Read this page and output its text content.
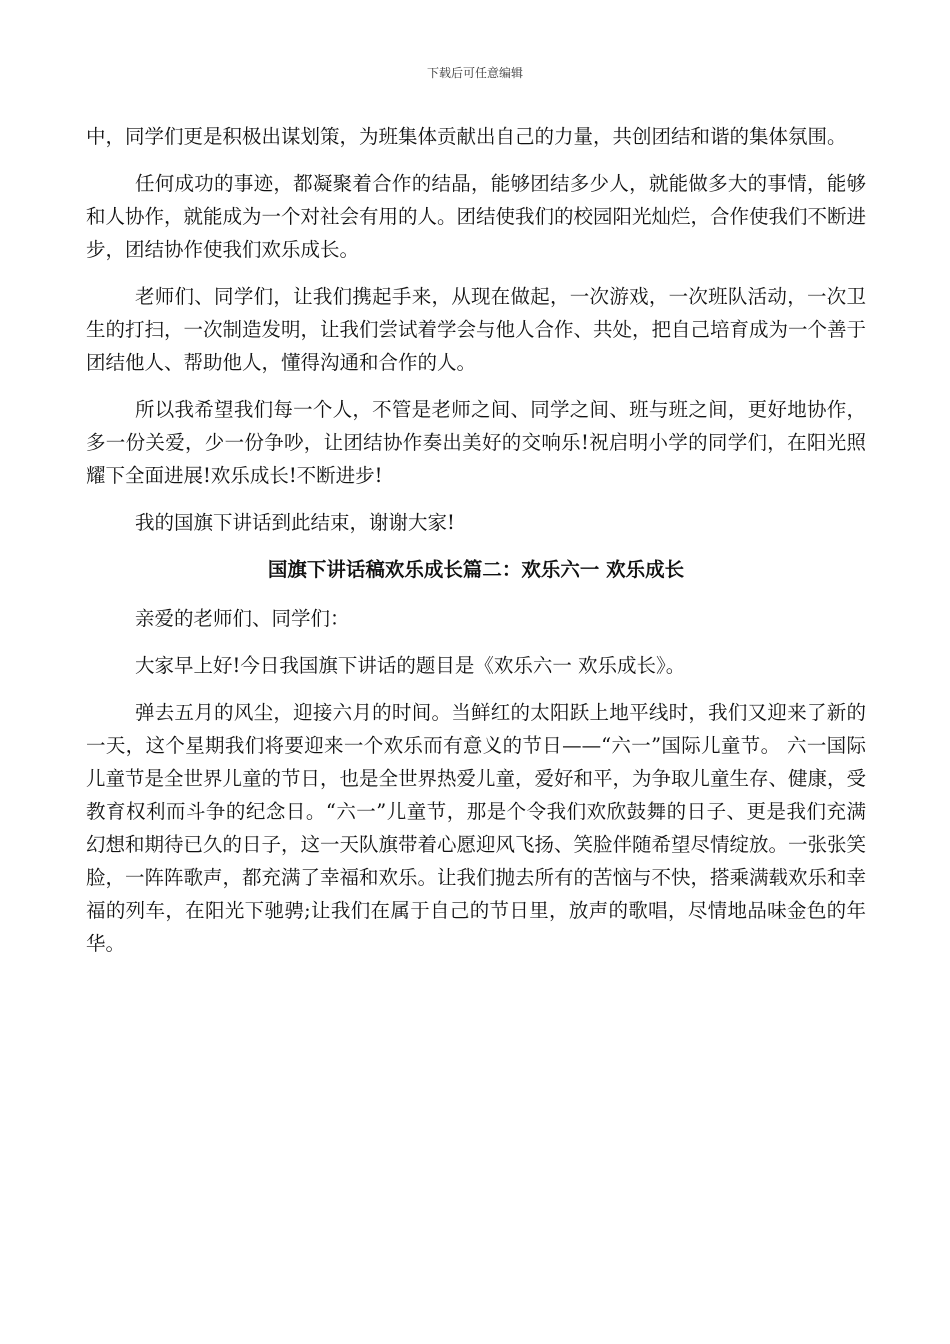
下载后可任意编辑

中，同学们更是积极出谋划策，为班集体贡献出自己的力量，共创团结和谐的集体氛围。

任何成功的事迹，都凝聚着合作的结晶，能够团结多少人，就能做多大的事情，能够和人协作，就能成为一个对社会有用的人。团结使我们的校园阳光灿烂，合作使我们不断进步，团结协作使我们欢乐成长。

老师们、同学们，让我们携起手来，从现在做起，一次游戏，一次班队活动，一次卫生的打扫，一次制造发明，让我们尝试着学会与他人合作、共处，把自己培育成为一个善于团结他人、帮助他人，懂得沟通和合作的人。

所以我希望我们每一个人，不管是老师之间、同学之间、班与班之间，更好地协作，多一份关爱，少一份争吵，让团结协作奏出美好的交响乐!祝启明小学的同学们，在阳光照耀下全面进展!欢乐成长!不断进步!

我的国旗下讲话到此结束，谢谢大家!

国旗下讲话稿欢乐成长篇二：欢乐六一 欢乐成长

亲爱的老师们、同学们：

大家早上好!今日我国旗下讲话的题目是《欢乐六一 欢乐成长》。

弹去五月的风尘，迎接六月的时间。当鲜红的太阳跃上地平线时，我们又迎来了新的一天，这个星期我们将要迎来一个欢乐而有意义的节日——“六一”国际儿童节。 六一国际儿童节是全世界儿童的节日，也是全世界热爱儿童，爱好和平，为争取儿童生存、健康，受教育权利而斗争的纪念日。“六一”儿童节，那是个令我们欢欣鼓舞的日子、更是我们充满幻想和期待已久的日子，这一天队旗带着心愿迎风飞扬、笑脸伴随希望尽情绽放。一张张笑脸，一阵阵歌声，都充满了幸福和欢乐。让我们抛去所有的苦恼与不快，搭乘满载欢乐和幸福的列车，在阳光下驰骋;让我们在属于自己的节日里，放声的歌唱，尽情地品味金色的年华。
